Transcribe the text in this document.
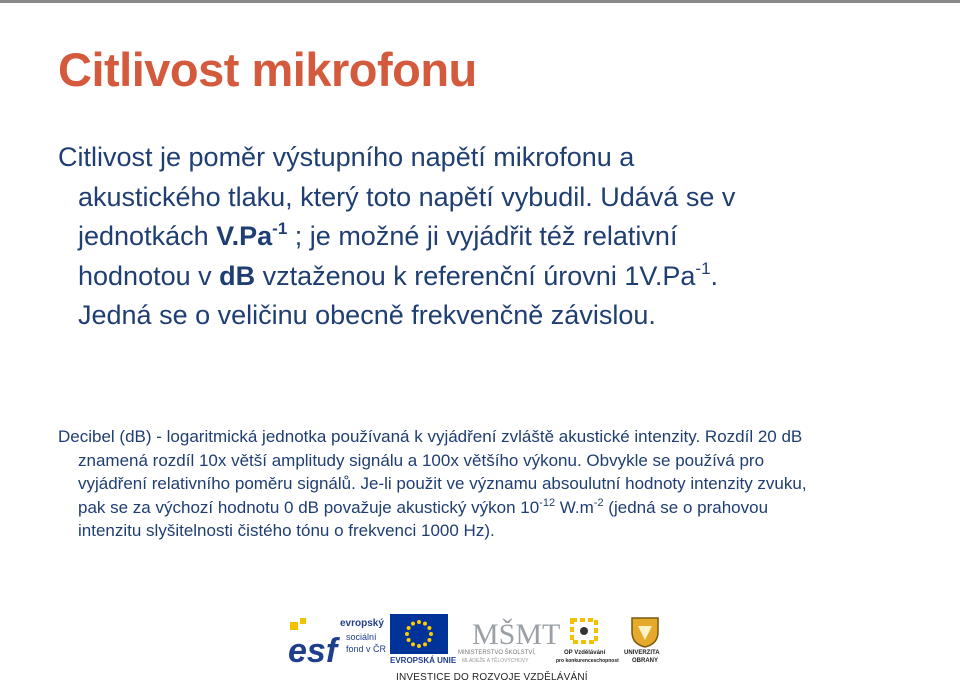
Citlivost mikrofonu
Citlivost je poměr výstupního napětí mikrofonu a
akustického tlaku, který toto napětí vybudil. Udává se v
jednotkách $V.Pa^{-1}$ ; je možné ji vyjádřit též relativní
hodnotou v dB vztaženou k referenční úrovni $1V.Pa^{-1}$.
Jedná se o veličinu obecně frekvenčně závislou.
Decibel (dB) - logaritmická jednotka používaná k vyjádření zvláště akustické intenzity. Rozdíl 20 dB
znamená rozdíl 10x větší amplitudy signálu a 100x většího výkonu. Obvykle se používá pro
vyjádření relativního poměru signálů. Je-li použit ve významu absoulutní hodnoty intenzity zvuku,
pak se za výchozí hodnotu 0 dB považuje akustický výkon $10^{-12}$ $W.m^{-2}$ (jedná se o prahovou
intenzitu slyšitelnosti čistého tónu o frekvenci 1000 Hz).
esf
evropský
sociální
fond v ČR
EVROPSKÁ UNIE
MŠMT
MINISTERSTVO ŠKOLSTVÍ,
MLÁDEŽE A TĚLOVÝCHOVY
OP Vzdělávání
pro konkurenceschopnost
UNIVERZITA
OBRANY
INVESTICE DO ROZVOJE VZDĚLÁVÁNÍ
